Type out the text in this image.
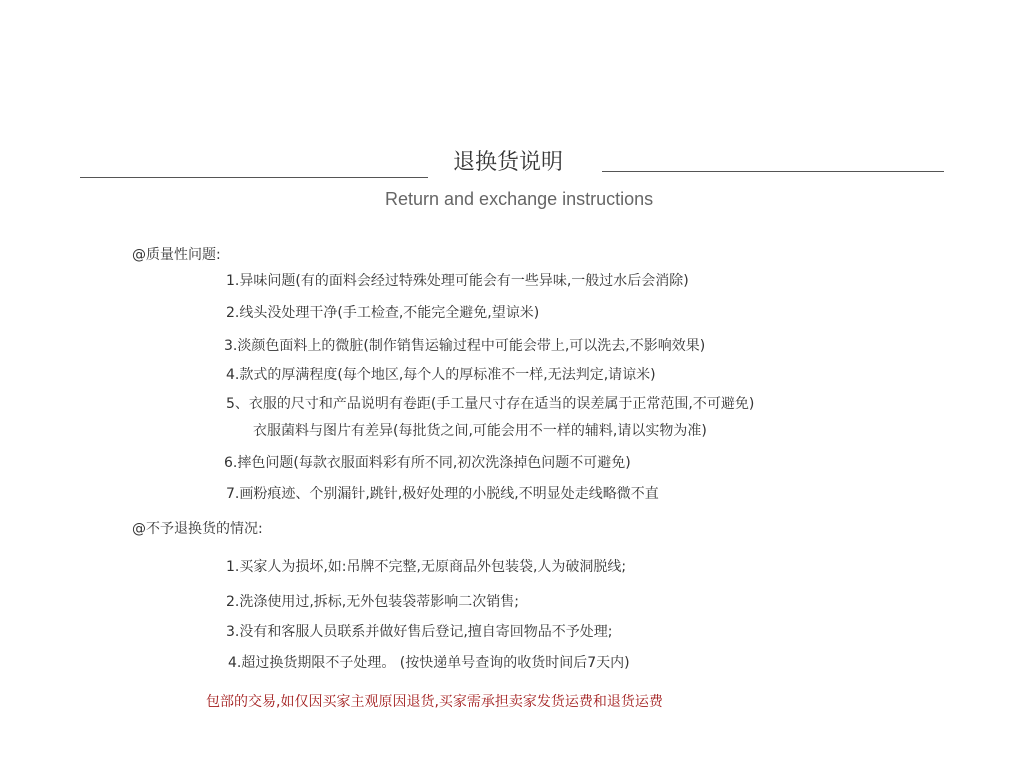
退换货说明
Return and exchange instructions
@质量性问题:
1.异味问题(有的面料会经过特殊处理可能会有一些异味,一般过水后会消除)
2.线头没处理干净(手工检查,不能完全避免,望谅米)
3.淡颜色面料上的微脏(制作销售运输过程中可能会带上,可以洗去,不影响效果)
4.款式的厚满程度(每个地区,每个人的厚标准不一样,无法判定,请谅米)
5、衣服的尺寸和产品说明有卷距(手工量尺寸存在适当的误差属于正常范围,不可避免)
衣服菌料与图片有差异(每批货之间,可能会用不一样的辅料,请以实物为准)
6.摔色问题(每款衣服面料彩有所不同,初次洗涤掉色问题不可避免)
7.画粉痕迹、个别漏针,跳针,极好处理的小脱线,不明显处走线略微不直
@不予退换货的情况:
1.买家人为损坏,如:吊牌不完整,无原商品外包装袋,人为破洞脱线;
2.洗涤使用过,拆标,无外包装袋蒂影响二次销售;
3.没有和客服人员联系并做好售后登记,擅自寄回物品不予处理;
4.超过换货期限不子处理。 (按快递单号查询的收货时间后7天内)
包部的交易,如仅因买家主观原因退货,买家需承担卖家发货运费和退货运费
